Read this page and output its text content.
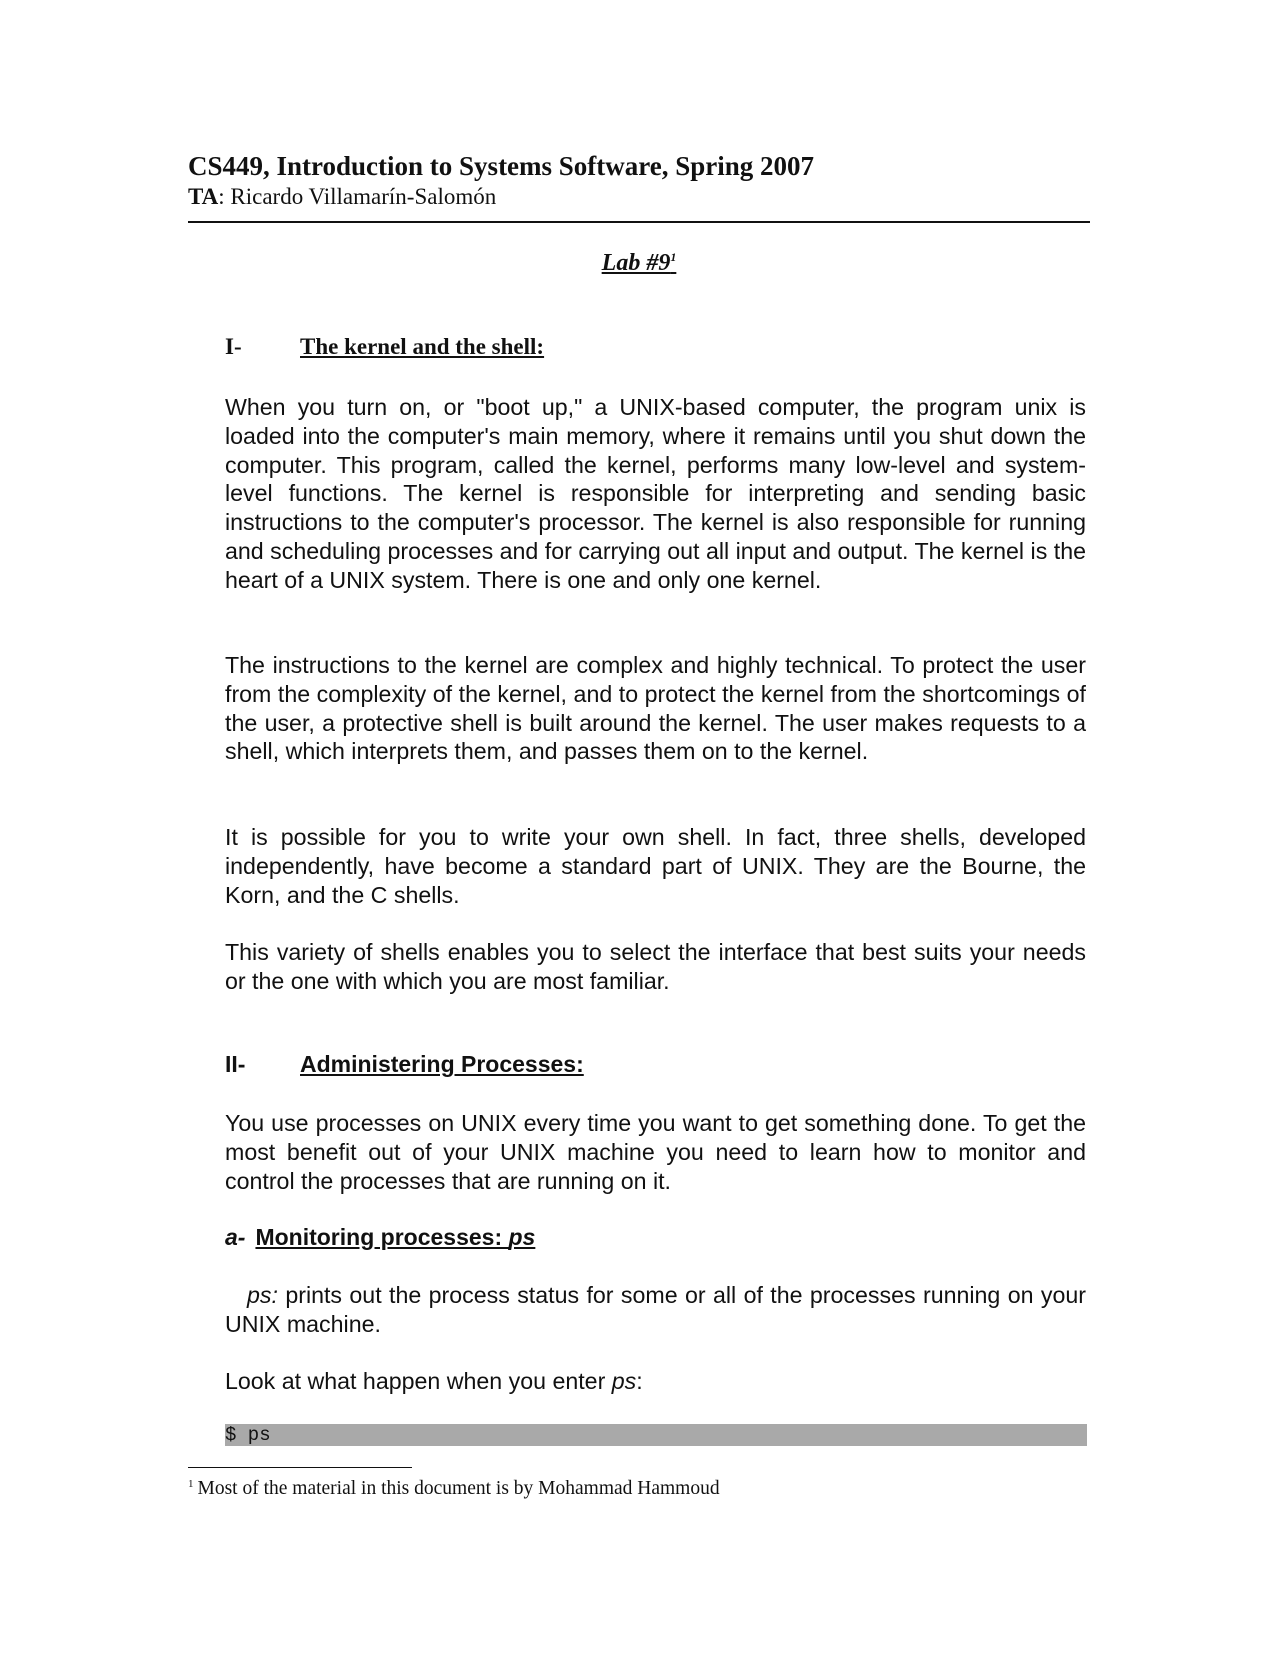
CS449, Introduction to Systems Software, Spring 2007
TA: Ricardo Villamarín-Salomón
Lab $\#9^1$
I-	The kernel and the shell:

When you turn on, or "boot up," a UNIX-based computer, the program unix is loaded into the computer's main memory, where it remains until you shut down the computer. This program, called the kernel, performs many low-level and system-level functions. The kernel is responsible for interpreting and sending basic instructions to the computer's processor. The kernel is also responsible for running and scheduling processes and for carrying out all input and output. The kernel is the heart of a UNIX system. There is one and only one kernel.

The instructions to the kernel are complex and highly technical. To protect the user from the complexity of the kernel, and to protect the kernel from the shortcomings of the user, a protective shell is built around the kernel. The user makes requests to a shell, which interprets them, and passes them on to the kernel.

It is possible for you to write your own shell. In fact, three shells, developed independently, have become a standard part of UNIX. They are the Bourne, the Korn, and the C shells.

This variety of shells enables you to select the interface that best suits your needs or the one with which you are most familiar.

II-	Administering Processes:

You use processes on UNIX every time you want to get something done. To get the most benefit out of your UNIX machine you need to learn how to monitor and control the processes that are running on it.

a- Monitoring processes: ps

ps: prints out the process status for some or all of the processes running on your UNIX machine.

Look at what happen when you enter ps:

$ ps
$^1$ Most of the material in this document is by Mohammad Hammoud
